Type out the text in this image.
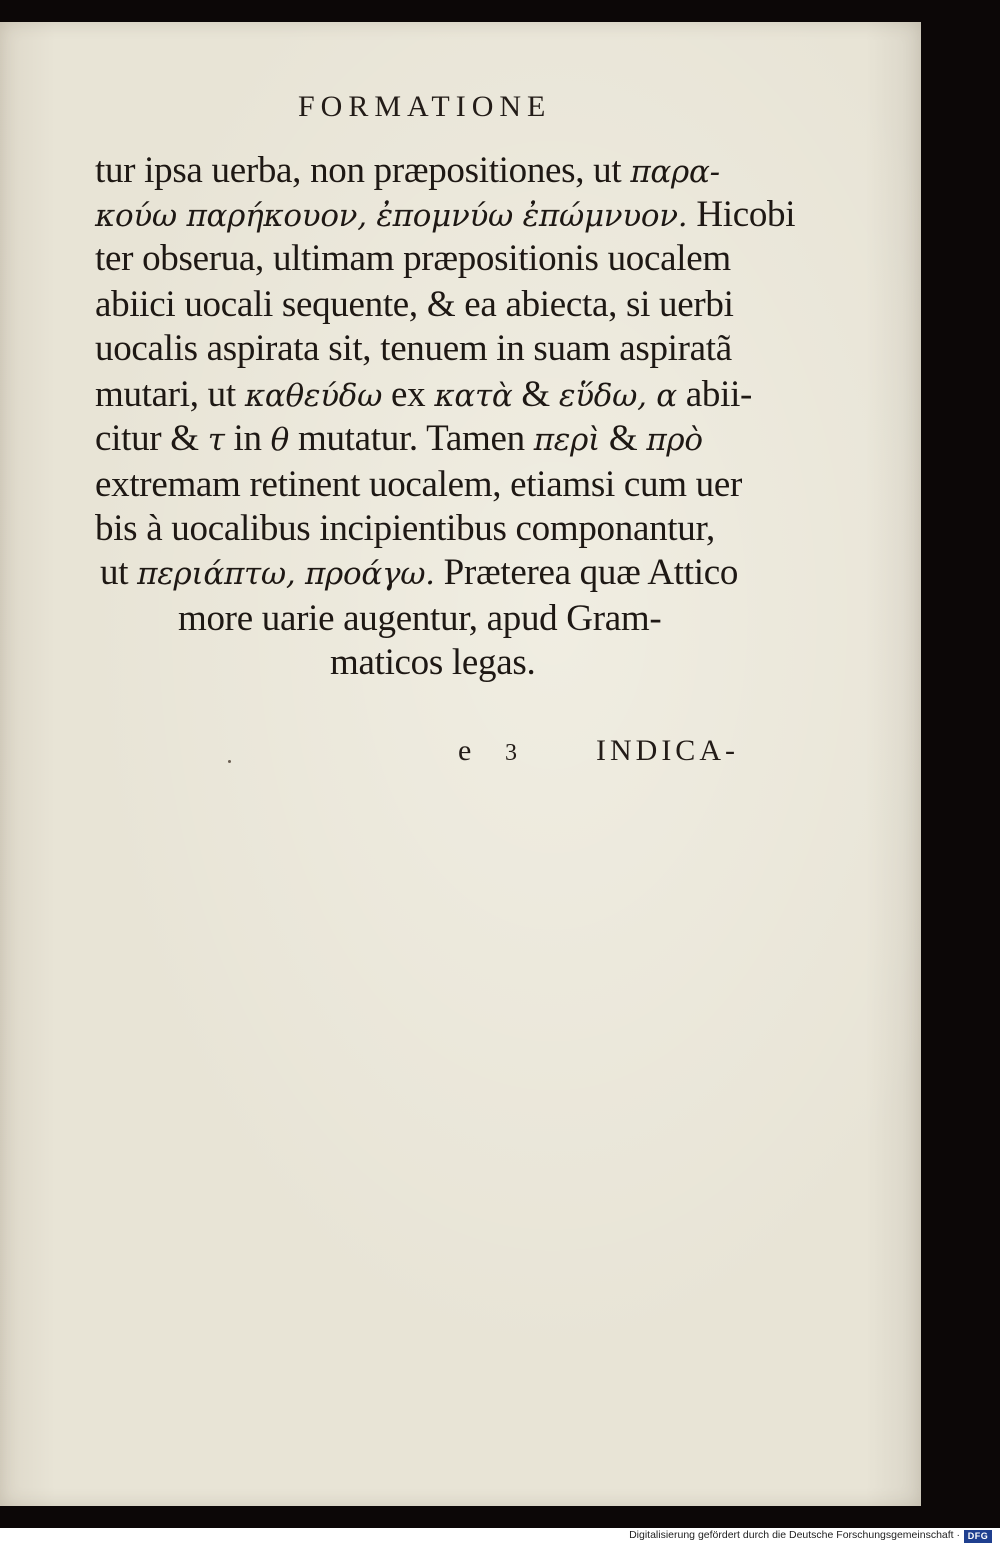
FORMATIONE
tur ipsa uerba, non præpositiones, ut παρα-
κούω παρήκουον, ἐπομνύω ἐπώμνυον. Hicobi
ter obserua, ultimam præpositionis uocalem
abiici uocali sequente, & ea abiecta, si uerbi
uocalis aspirata sit, tenuem in suam aspiratã
mutari, ut καθεύδω ex κατὰ & εὕδω, α abii-
citur & τ in θ mutatur. Tamen περὶ & πρὸ
extremam retinent uocalem, etiamsi cum uer
bis à uocalibus incipientibus componantur,
ut περιάπτω, προάγω. Præterea quæ Attico
more uarie augentur, apud Gram-
maticos legas.
e 3	INDICA-
Digitalisierung gefördert durch die Deutsche Forschungsgemeinschaft · DFG
